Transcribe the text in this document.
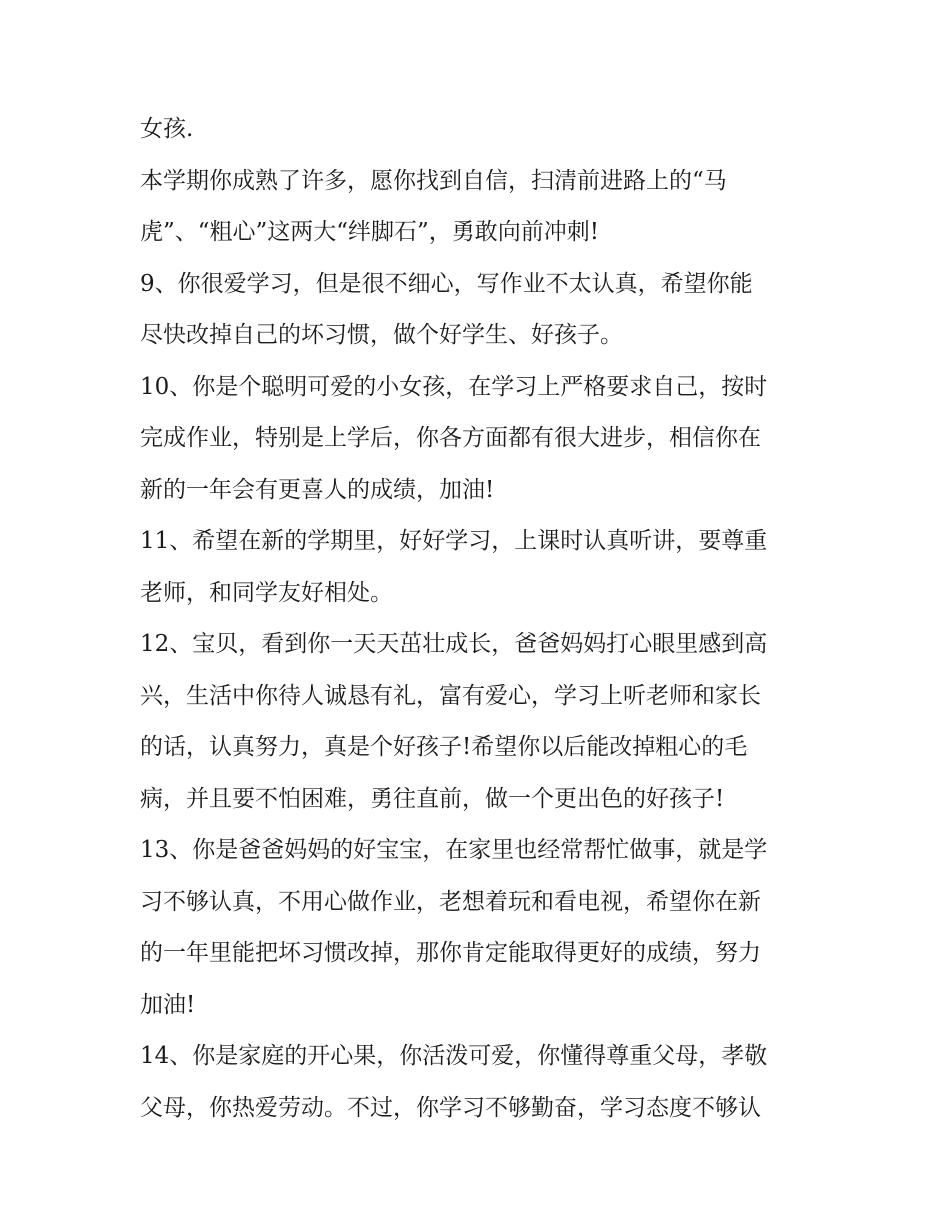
女孩.

本学期你成熟了许多，愿你找到自信，扫清前进路上的“马

虎”、“粗心”这两大“绊脚石”，勇敢向前冲刺!

9、你很爱学习，但是很不细心，写作业不太认真，希望你能

尽快改掉自己的坏习惯，做个好学生、好孩子。

10、你是个聪明可爱的小女孩，在学习上严格要求自己，按时

完成作业，特别是上学后，你各方面都有很大进步，相信你在

新的一年会有更喜人的成绩，加油!

11、希望在新的学期里，好好学习，上课时认真听讲，要尊重

老师，和同学友好相处。

12、宝贝，看到你一天天茁壮成长，爸爸妈妈打心眼里感到高

兴，生活中你待人诚恳有礼，富有爱心，学习上听老师和家长

的话，认真努力，真是个好孩子!希望你以后能改掉粗心的毛

病，并且要不怕困难，勇往直前，做一个更出色的好孩子!

13、你是爸爸妈妈的好宝宝，在家里也经常帮忙做事，就是学

习不够认真，不用心做作业，老想着玩和看电视，希望你在新

的一年里能把坏习惯改掉，那你肯定能取得更好的成绩，努力

加油!

14、你是家庭的开心果，你活泼可爱，你懂得尊重父母，孝敬

父母，你热爱劳动。不过，你学习不够勤奋，学习态度不够认
